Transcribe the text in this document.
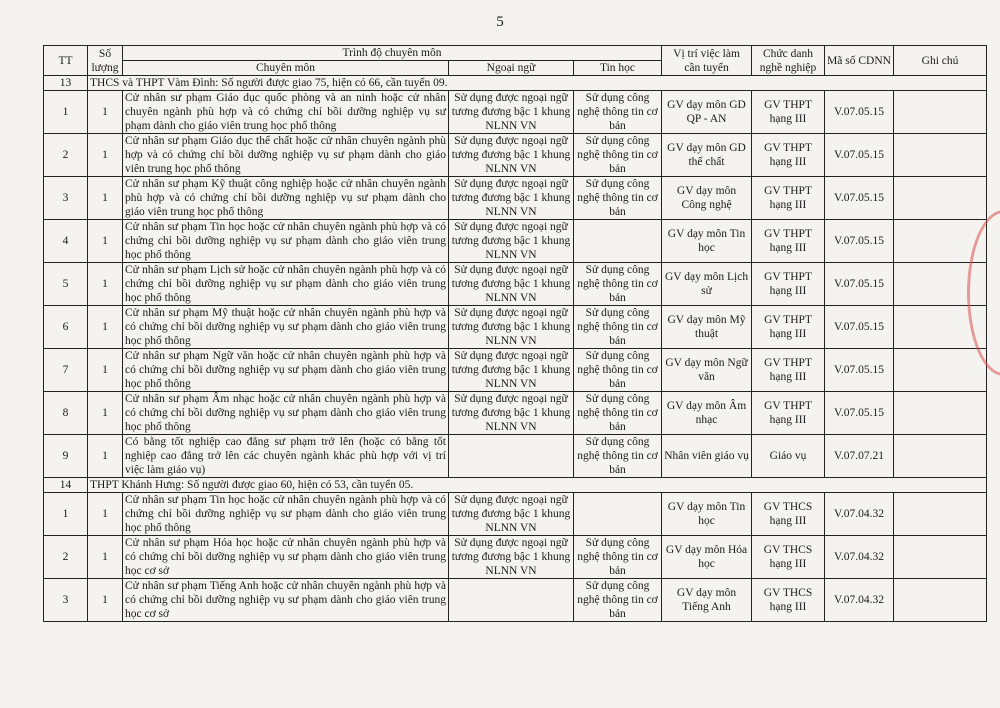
5
TT	Số lượng	Trình độ chuyên môn			Vị trí việc làm cần tuyển	Chức danh nghề nghiệp	Mã số CDNN	Ghi chú
		Chuyên môn	Ngoại ngữ	Tin học				
13	THCS và THPT Vàm Đình: Số người được giao 75, hiện có 66, cần tuyển 09.							
1	1	Cử nhân sư phạm Giáo dục quốc phòng và an ninh hoặc cử nhân chuyên ngành phù hợp và có chứng chỉ bồi dưỡng nghiệp vụ sư phạm dành cho giáo viên trung học phổ thông	Sử dụng được ngoại ngữ tương đương bậc 1 khung NLNN VN	Sử dụng công nghệ thông tin cơ bản	GV dạy môn GD QP - AN	GV THPT hạng III	V.07.05.15	
2	1	Cử nhân sư phạm Giáo dục thể chất hoặc cử nhân chuyên ngành phù hợp và có chứng chỉ bồi dưỡng nghiệp vụ sư phạm dành cho giáo viên trung học phổ thông	Sử dụng được ngoại ngữ tương đương bậc 1 khung NLNN VN	Sử dụng công nghệ thông tin cơ bản	GV dạy môn GD thể chất	GV THPT hạng III	V.07.05.15	
3	1	Cử nhân sư phạm Kỹ thuật công nghiệp hoặc cử nhân chuyên ngành phù hợp và có chứng chỉ bồi dưỡng nghiệp vụ sư phạm dành cho giáo viên trung học phổ thông	Sử dụng được ngoại ngữ tương đương bậc 1 khung NLNN VN	Sử dụng công nghệ thông tin cơ bản	GV dạy môn Công nghệ	GV THPT hạng III	V.07.05.15	
4	1	Cử nhân sư phạm Tin học hoặc cử nhân chuyên ngành phù hợp và có chứng chỉ bồi dưỡng nghiệp vụ sư phạm dành cho giáo viên trung học phổ thông	Sử dụng được ngoại ngữ tương đương bậc 1 khung NLNN VN		GV dạy môn Tin học	GV THPT hạng III	V.07.05.15	
5	1	Cử nhân sư phạm Lịch sử hoặc cử nhân chuyên ngành phù hợp và có chứng chỉ bồi dưỡng nghiệp vụ sư phạm dành cho giáo viên trung học phổ thông	Sử dụng được ngoại ngữ tương đương bậc 1 khung NLNN VN	Sử dụng công nghệ thông tin cơ bản	GV dạy môn Lịch sử	GV THPT hạng III	V.07.05.15	
6	1	Cử nhân sư phạm Mỹ thuật hoặc cử nhân chuyên ngành phù hợp và có chứng chỉ bồi dưỡng nghiệp vụ sư phạm dành cho giáo viên trung học phổ thông	Sử dụng được ngoại ngữ tương đương bậc 1 khung NLNN VN	Sử dụng công nghệ thông tin cơ bản	GV dạy môn Mỹ thuật	GV THPT hạng III	V.07.05.15	
7	1	Cử nhân sư phạm Ngữ văn hoặc cử nhân chuyên ngành phù hợp và có chứng chỉ bồi dưỡng nghiệp vụ sư phạm dành cho giáo viên trung học phổ thông	Sử dụng được ngoại ngữ tương đương bậc 1 khung NLNN VN	Sử dụng công nghệ thông tin cơ bản	GV dạy môn Ngữ văn	GV THPT hạng III	V.07.05.15	
8	1	Cử nhân sư phạm Âm nhạc hoặc cử nhân chuyên ngành phù hợp và có chứng chỉ bồi dưỡng nghiệp vụ sư phạm dành cho giáo viên trung học phổ thông	Sử dụng được ngoại ngữ tương đương bậc 1 khung NLNN VN	Sử dụng công nghệ thông tin cơ bản	GV dạy môn Âm nhạc	GV THPT hạng III	V.07.05.15	
9	1	Có bằng tốt nghiệp cao đẳng sư phạm trở lên (hoặc có bằng tốt nghiệp cao đẳng trở lên các chuyên ngành khác phù hợp với vị trí việc làm giáo vụ)		Sử dụng công nghệ thông tin cơ bản	Nhân viên giáo vụ	Giáo vụ	V.07.07.21	
14	THPT Khánh Hưng: Số người được giao 60, hiện có 53, cần tuyển 05.							
1	1	Cử nhân sư phạm Tin học hoặc cử nhân chuyên ngành phù hợp và có chứng chỉ bồi dưỡng nghiệp vụ sư phạm dành cho giáo viên trung học phổ thông	Sử dụng được ngoại ngữ tương đương bậc 1 khung NLNN VN		GV dạy môn Tin học	GV THCS hạng III	V.07.04.32	
2	1	Cử nhân sư phạm Hóa học hoặc cử nhân chuyên ngành phù hợp và có chứng chỉ bồi dưỡng nghiệp vụ sư phạm dành cho giáo viên trung học cơ sở	Sử dụng được ngoại ngữ tương đương bậc 1 khung NLNN VN	Sử dụng công nghệ thông tin cơ bản	GV dạy môn Hóa học	GV THCS hạng III	V.07.04.32	
3	1	Cử nhân sư phạm Tiếng Anh hoặc cử nhân chuyên ngành phù hợp và có chứng chỉ bồi dưỡng nghiệp vụ sư phạm dành cho giáo viên trung học cơ sở		Sử dụng công nghệ thông tin cơ bản	GV dạy môn Tiếng Anh	GV THCS hạng III	V.07.04.32	
